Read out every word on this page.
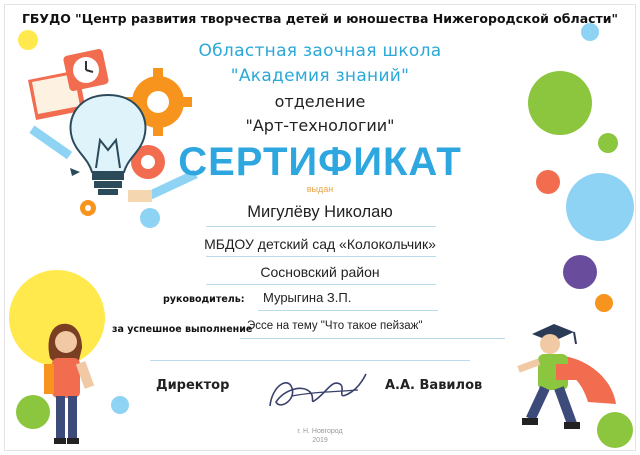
ГБУДО "Центр развития творчества детей и юношества Нижегородской области"
Областная заочная школа
"Академия знаний"
отделение
"Арт-технологии"
СЕРТИФИКАТ
выдан
Мигулёву Николаю
МБДОУ детский сад «Колокольчик»
Сосновский район
руководитель: Мурыгина З.П.
за успешное выполнение
Эссе на тему "Что такое пейзаж"
Директор	А.А. Вавилов
г. Н. Новгород
2019
